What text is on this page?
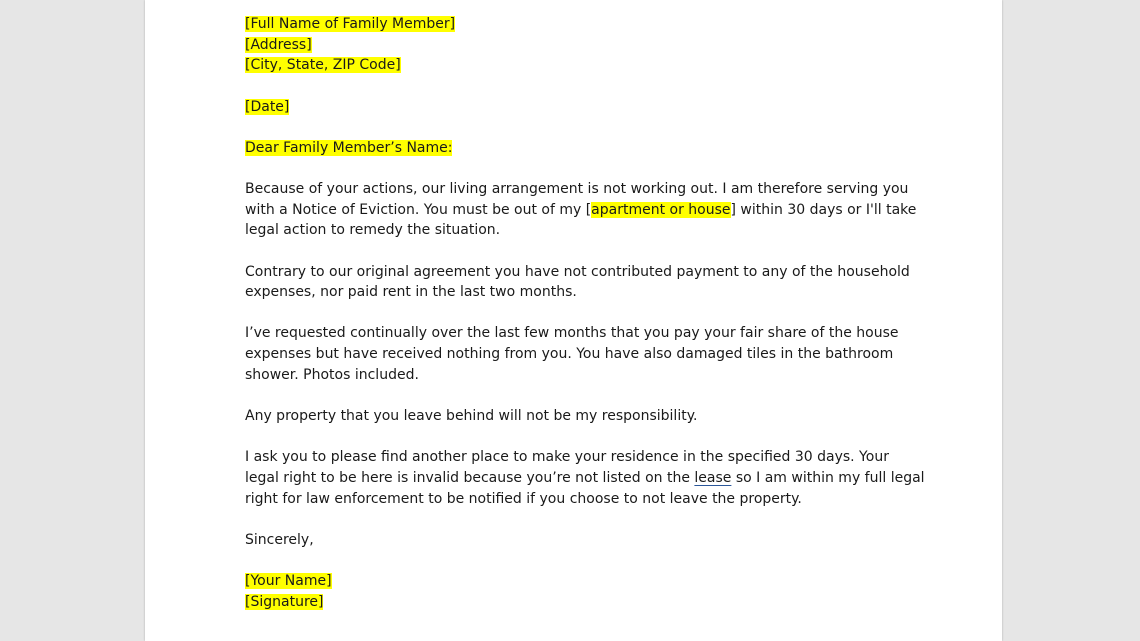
[Full Name of Family Member]
[Address]
[City, State, ZIP Code]
[Date]
Dear Family Member’s Name:
Because of your actions, our living arrangement is not working out. I am therefore serving you
with a Notice of Eviction. You must be out of my [apartment or house] within 30 days or I'll take
legal action to remedy the situation.
Contrary to our original agreement you have not contributed payment to any of the household
expenses, nor paid rent in the last two months.
I’ve requested continually over the last few months that you pay your fair share of the house
expenses but have received nothing from you. You have also damaged tiles in the bathroom
shower. Photos included.
Any property that you leave behind will not be my responsibility.
I ask you to please find another place to make your residence in the specified 30 days. Your
legal right to be here is invalid because you’re not listed on the lease so I am within my full legal
right for law enforcement to be notified if you choose to not leave the property.
Sincerely,
[Your Name]
[Signature]
